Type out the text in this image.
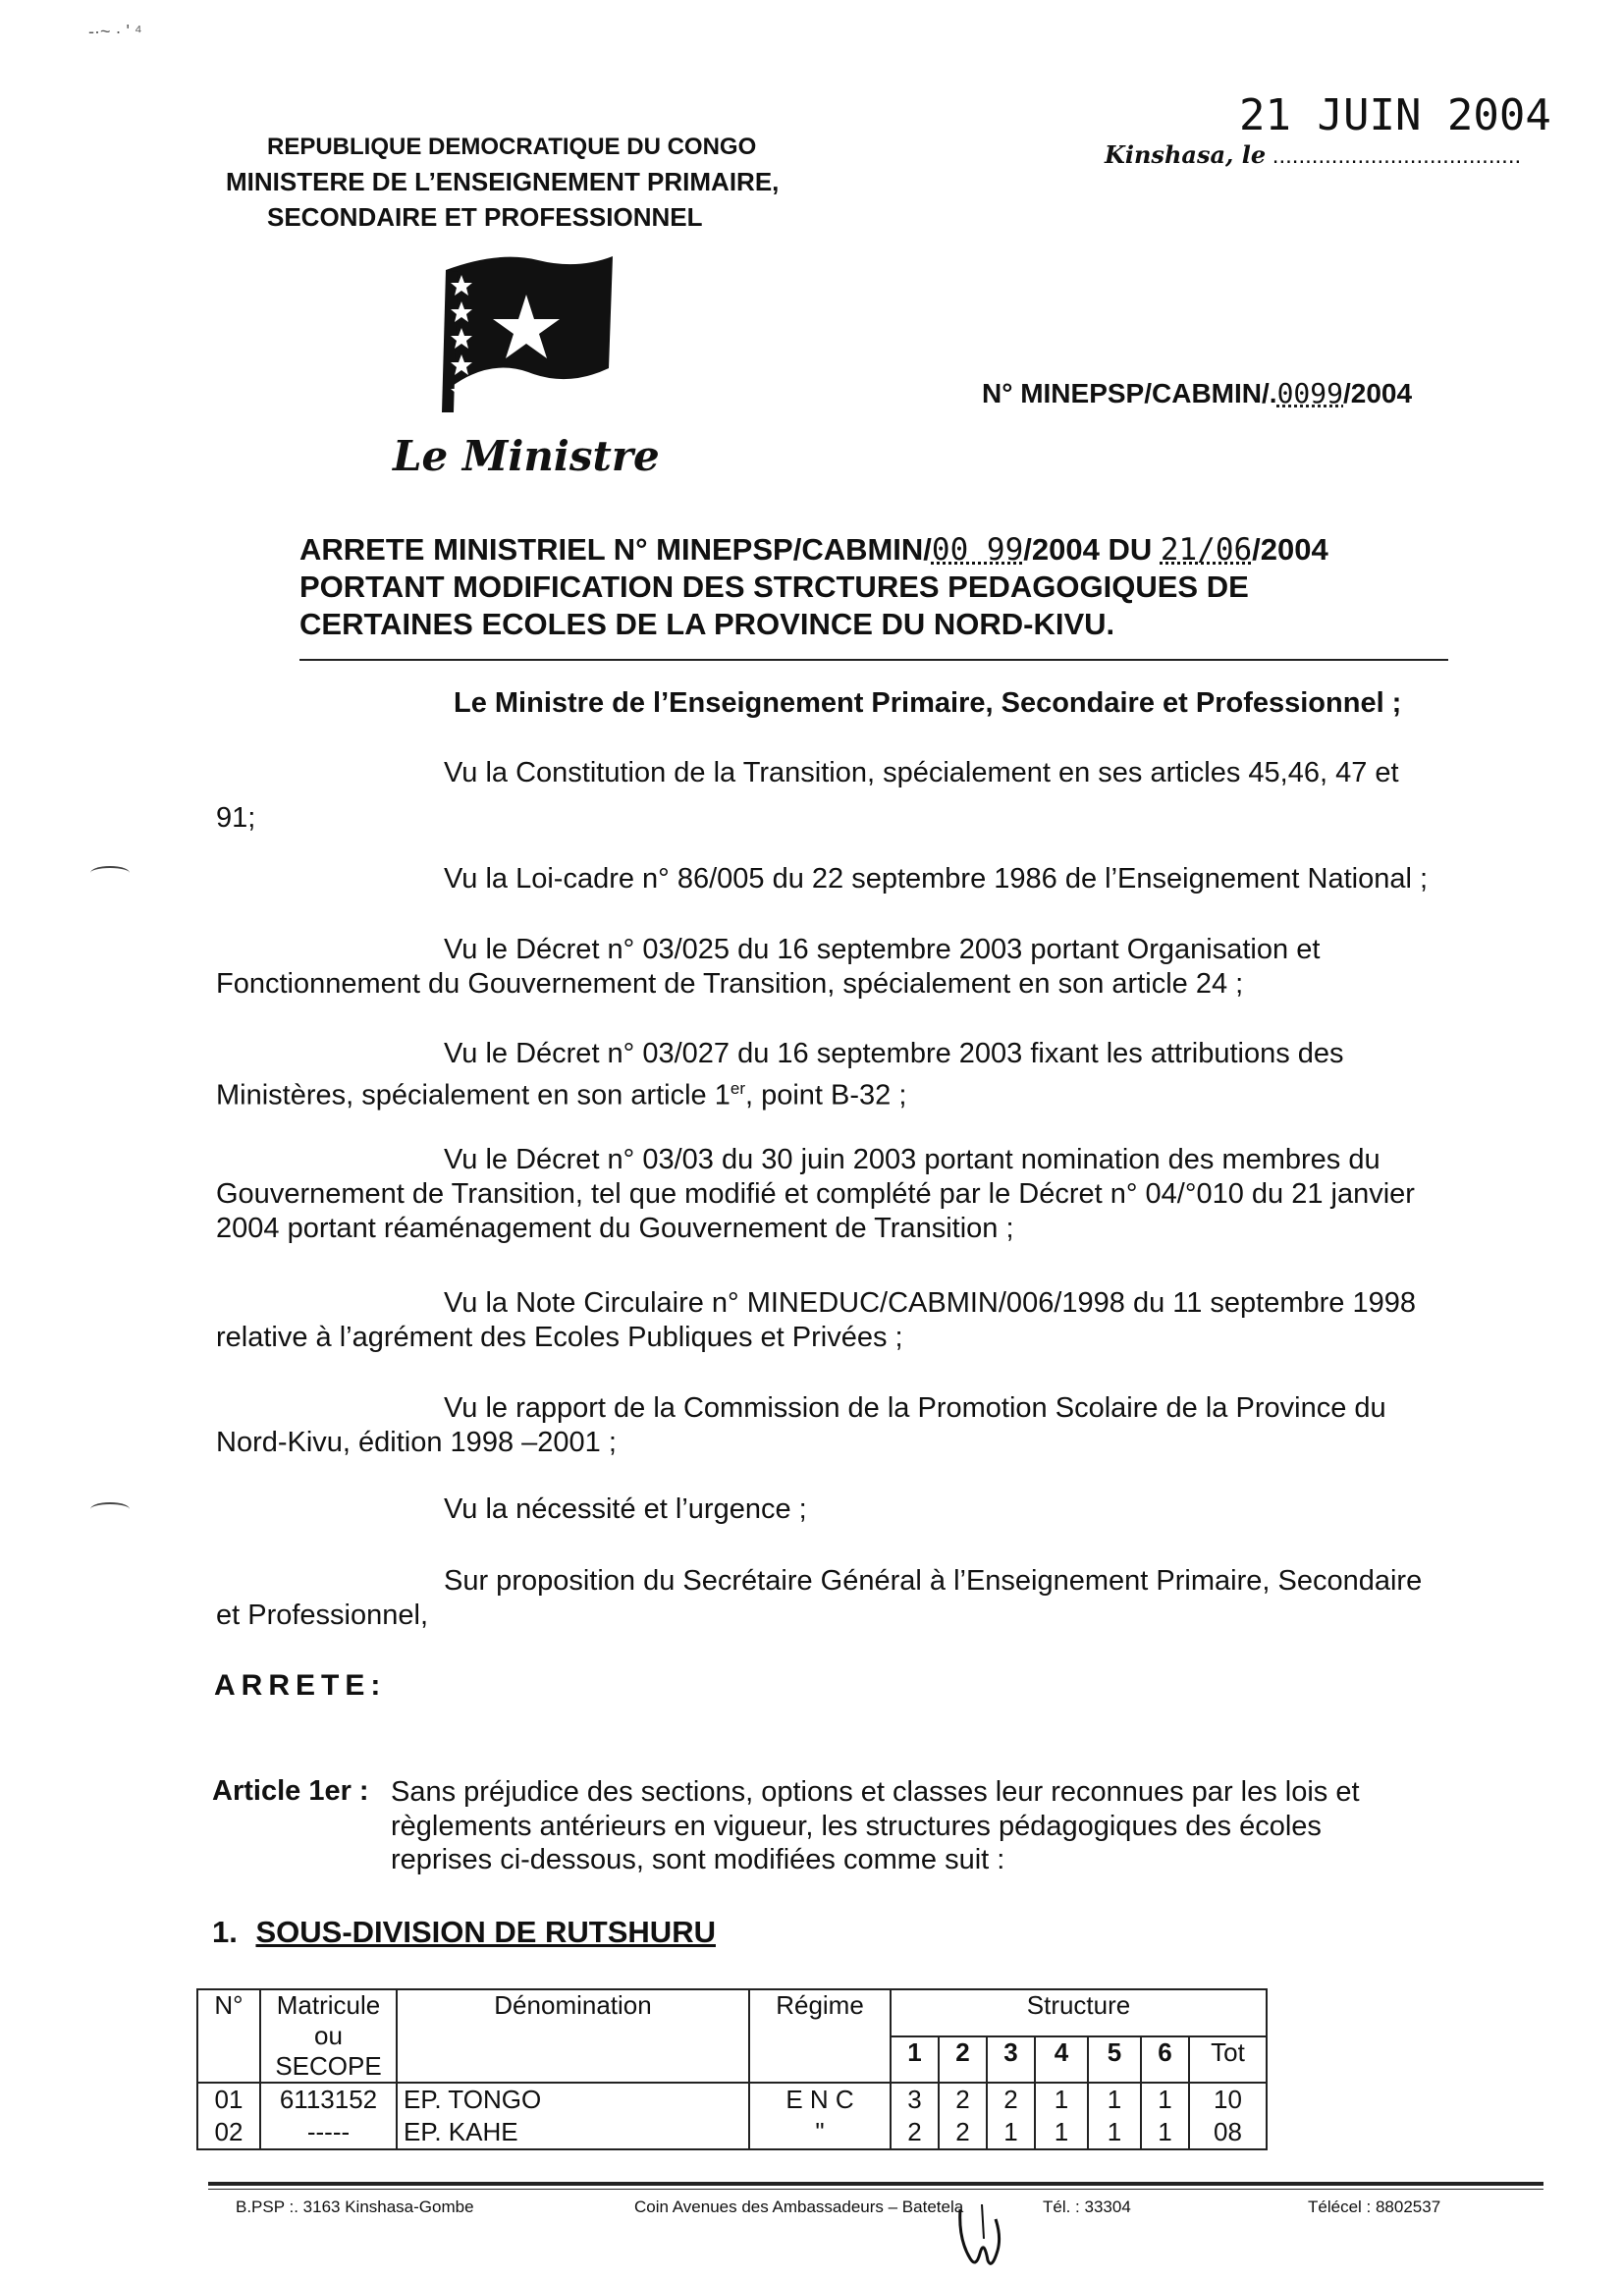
-·~ · ' ⁴
21 JUIN 2004
Kinshasa, le ......................................
REPUBLIQUE DEMOCRATIQUE DU CONGO
MINISTERE DE L’ENSEIGNEMENT PRIMAIRE,
SECONDAIRE ET PROFESSIONNEL
Le Ministre
N° MINEPSP/CABMIN/.0099/2004
ARRETE MINISTRIEL N° MINEPSP/CABMIN/00 99/2004 DU 21/06/2004
PORTANT MODIFICATION DES STRCTURES PEDAGOGIQUES DE
CERTAINES ECOLES DE LA PROVINCE DU NORD-KIVU.
Le Ministre de l’Enseignement Primaire, Secondaire et Professionnel ;
Vu la Constitution de la Transition, spécialement en ses articles 45,46, 47 et
91;
Vu la Loi-cadre n° 86/005 du 22 septembre 1986 de l’Enseignement National ;
Vu le Décret n° 03/025 du 16 septembre 2003 portant Organisation et
Fonctionnement du Gouvernement de Transition, spécialement en son article 24 ;
Vu le Décret n° 03/027 du 16 septembre 2003 fixant les attributions des
Ministères, spécialement en son article 1er, point B-32 ;
Vu le Décret n° 03/03 du 30 juin 2003 portant nomination des membres du
Gouvernement de Transition, tel que modifié et complété par le Décret n° 04/°010 du 21 janvier
2004 portant réaménagement du Gouvernement de Transition ;
Vu la Note Circulaire n° MINEDUC/CABMIN/006/1998 du 11 septembre 1998
relative à l’agrément des Ecoles Publiques et Privées ;
Vu le rapport de la Commission de la Promotion Scolaire de la Province du
Nord-Kivu, édition 1998 –2001 ;
Vu la nécessité et l’urgence ;
Sur proposition du Secrétaire Général à l’Enseignement Primaire, Secondaire
et Professionnel,
ARRETE:
Article 1er : Sans préjudice des sections, options et classes leur reconnues par les lois et
règlements antérieurs en vigueur, les structures pédagogiques des écoles
reprises ci-dessous, sont modifiées comme suit :
1. SOUS-DIVISION DE RUTSHURU
N°	Matricule
ou
SECOPE	Dénomination	Régime	Structure						
				1	2	3	4	5	6	Tot
01	6113152	EP. TONGO	E N C	3	2	2	1	1	1	10
02	-----	EP. KAHE	"	2	2	1	1	1	1	08
B.PSP :. 3163 Kinshasa-Gombe	Coin Avenues des Ambassadeurs – Batetela	Tél. : 33304	Télécel : 8802537
